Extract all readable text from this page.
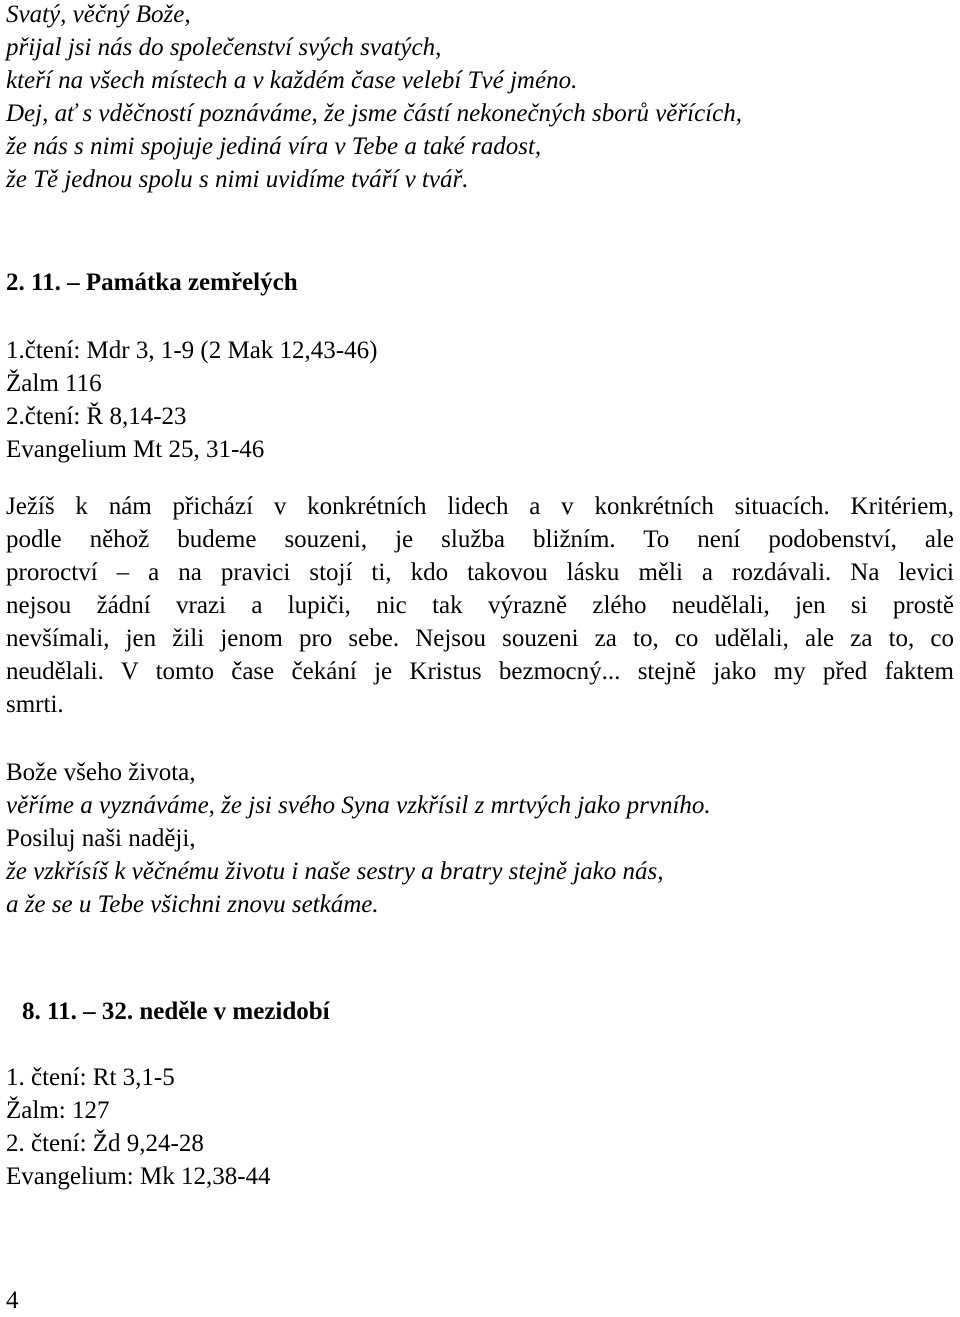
Svatý, věčný Bože,
přijal jsi nás do společenství svých svatých,
kteří na všech místech a v každém čase velebí Tvé jméno.
Dej, ať s vděčností poznáváme, že jsme částí nekonečných sborů věřících,
že nás s nimi spojuje jediná víra v Tebe a také radost,
že Tě jednou spolu s nimi uvidíme tváří v tvář.
2. 11. – Památka zemřelých
1.čtení: Mdr 3, 1-9 (2 Mak 12,43-46)
Žalm 116
2.čtení: Ř 8,14-23
Evangelium Mt 25, 31-46

Ježíš k nám přichází v konkrétních lidech a v konkrétních situacích. Kritériem,

podle něhož budeme souzeni, je služba bližním. To není podobenství, ale

proroctví – a na pravici stojí ti, kdo takovou lásku měli a rozdávali. Na levici

nejsou žádní vrazi a lupiči, nic tak výrazně zlého neudělali, jen si prostě

nevšímali, jen žili jenom pro sebe. Nejsou souzeni za to, co udělali, ale za to, co

neudělali. V tomto čase čekání je Kristus bezmocný... stejně jako my před faktem

smrti.

Bože všeho života,
věříme a vyznáváme, že jsi svého Syna vzkřísil z mrtvých jako prvního.
Posiluj naši naději,
že vzkřísíš k věčnému životu i naše sestry a bratry stejně jako nás,
a že se u Tebe všichni znovu setkáme.
8. 11. – 32. neděle v mezidobí
1. čtení: Rt 3,1-5
Žalm: 127
2. čtení: Žd 9,24-28
Evangelium: Mk 12,38-44
4
